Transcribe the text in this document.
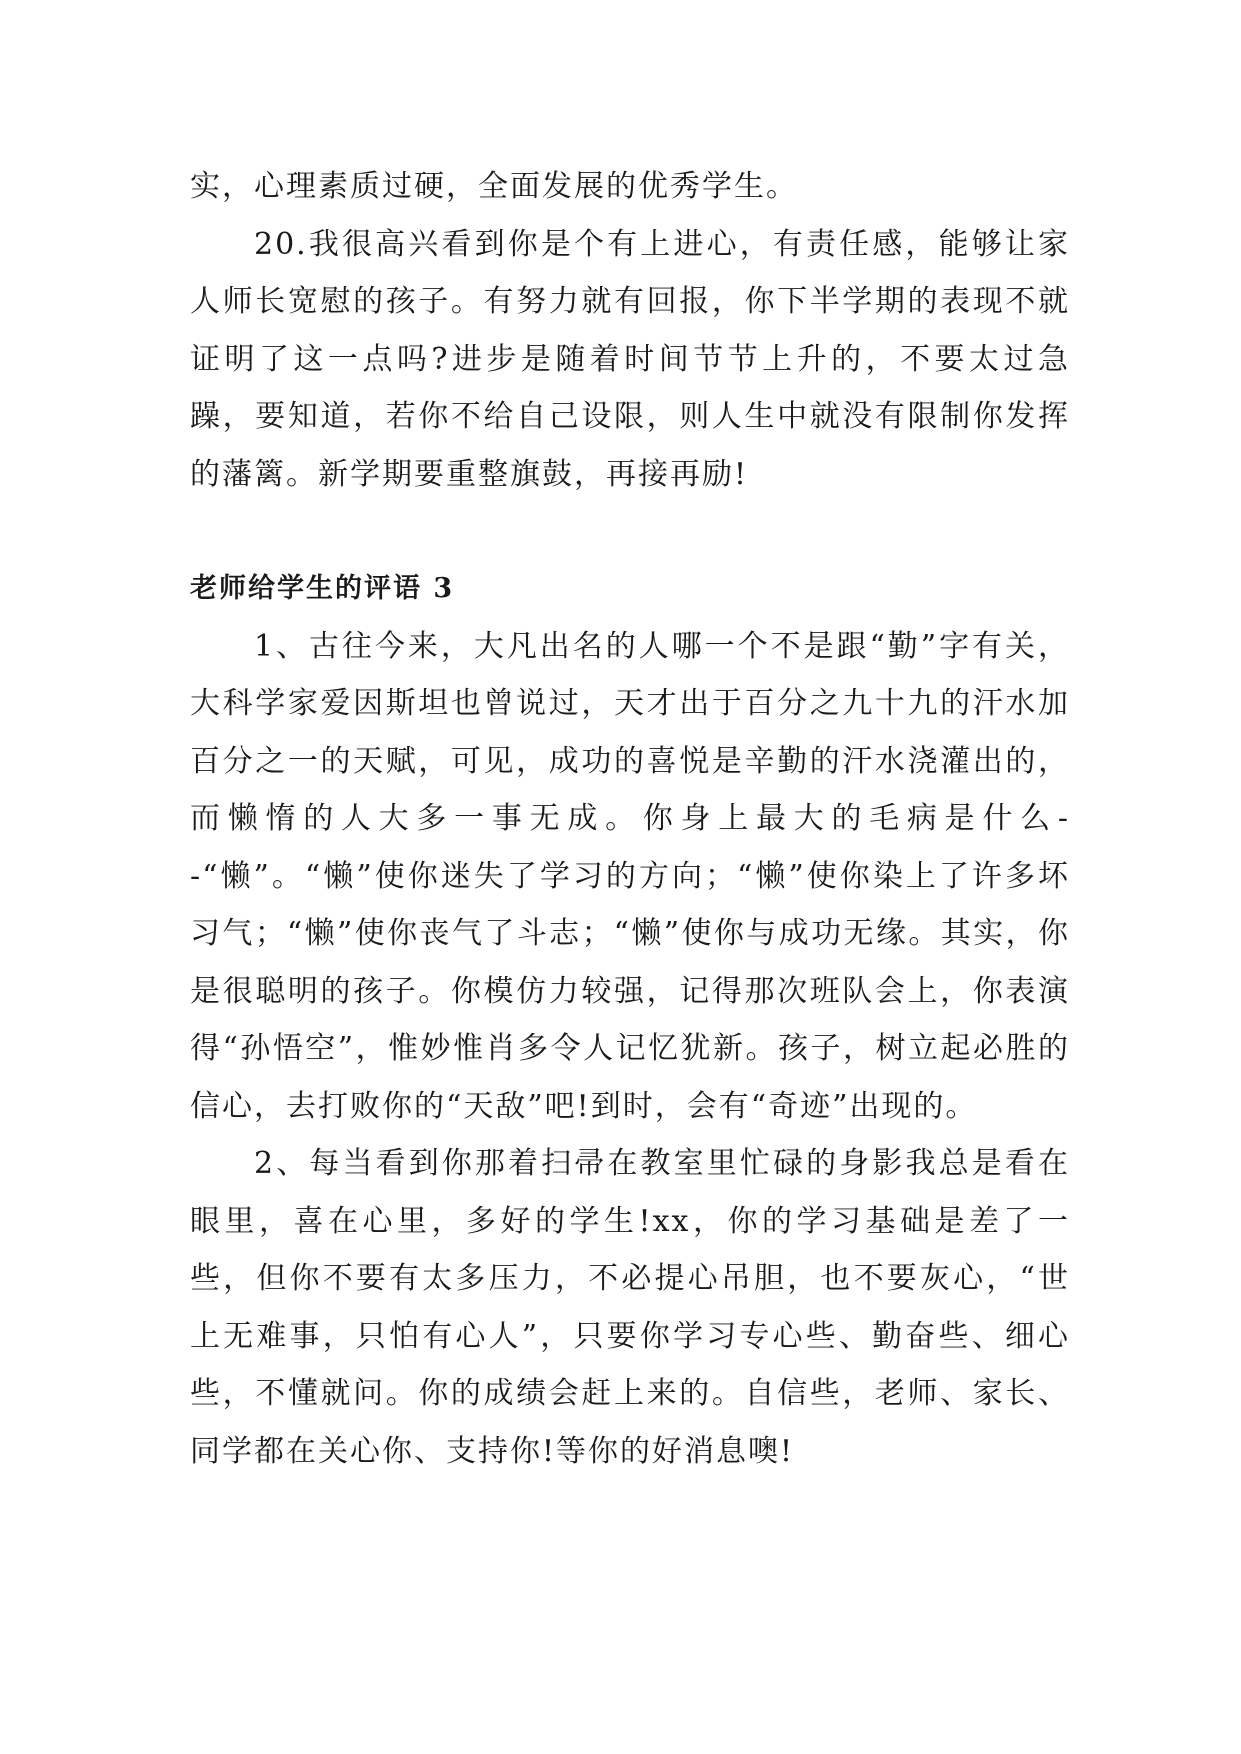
实，心理素质过硬，全面发展的优秀学生。

20.我很高兴看到你是个有上进心，有责任感，能够让家人师长宽慰的孩子。有努力就有回报，你下半学期的表现不就证明了这一点吗?进步是随着时间节节上升的，不要太过急躁，要知道，若你不给自己设限，则人生中就没有限制你发挥的藩篱。新学期要重整旗鼓，再接再励!

老师给学生的评语 3

1、古往今来，大凡出名的人哪一个不是跟“勤”字有关，大科学家爱因斯坦也曾说过，天才出于百分之九十九的汗水加百分之一的天赋，可见，成功的喜悦是辛勤的汗水浇灌出的，而懒惰的人大多一事无成。你身上最大的毛病是什么--“懒”。“懒”使你迷失了学习的方向；“懒”使你染上了许多坏习气；“懒”使你丧气了斗志；“懒”使你与成功无缘。其实，你是很聪明的孩子。你模仿力较强，记得那次班队会上，你表演得“孙悟空”，惟妙惟肖多令人记忆犹新。孩子，树立起必胜的信心，去打败你的“天敌”吧!到时，会有“奇迹”出现的。

2、每当看到你那着扫帚在教室里忙碌的身影我总是看在眼里，喜在心里，多好的学生!xx，你的学习基础是差了一些，但你不要有太多压力，不必提心吊胆，也不要灰心，“世上无难事，只怕有心人”，只要你学习专心些、勤奋些、细心些，不懂就问。你的成绩会赶上来的。自信些，老师、家长、同学都在关心你、支持你!等你的好消息噢!
